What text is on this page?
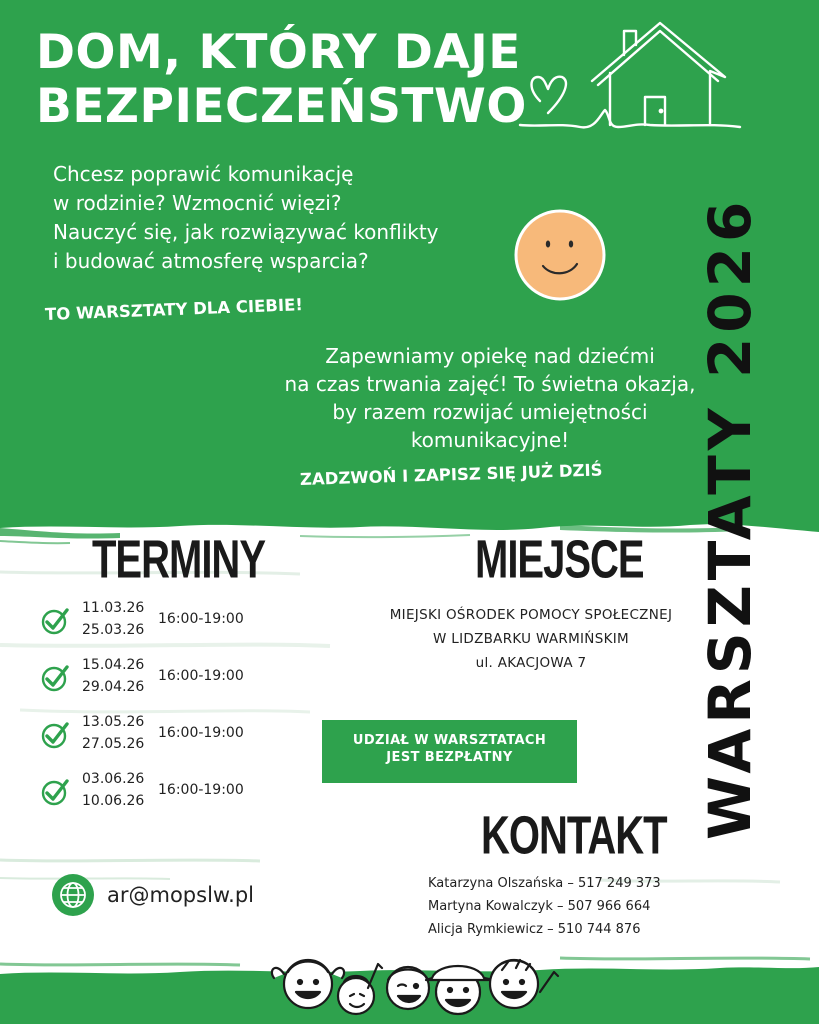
DOM, KTÓRY DAJE
BEZPIECZEŃSTWO
Chcesz poprawić komunikację
w rodzinie? Wzmocnić więzi?
Nauczyć się, jak rozwiązywać konflikty
i budować atmosferę wsparcia?
TO WARSZTATY DLA CIEBIE!
Zapewniamy opiekę nad dziećmi
na czas trwania zajęć! To świetna okazja,
by razem rozwijać umiejętności
komunikacyjne!
ZADZWOŃ I ZAPISZ SIĘ JUŻ DZIŚ WARSZTATY 2026
TERMINY	MIEJSCE
KONTAKT
11.03.26
25.03.26
16:00-19:00
15.04.26
29.04.26
16:00-19:00
13.05.26
27.05.26
16:00-19:00
03.06.26
10.06.26
16:00-19:00
MIEJSKI OŚRODEK POMOCY SPOŁECZNEJ
W LIDZBARKU WARMIŃSKIM
ul. AKACJOWA 7
UDZIAŁ W WARSZTATACH
JEST BEZPŁATNY
Katarzyna Olszańska – 517 249 373
Martyna Kowalczyk – 507 966 664
Alicja Rymkiewicz – 510 744 876
ar@mopslw.pl
